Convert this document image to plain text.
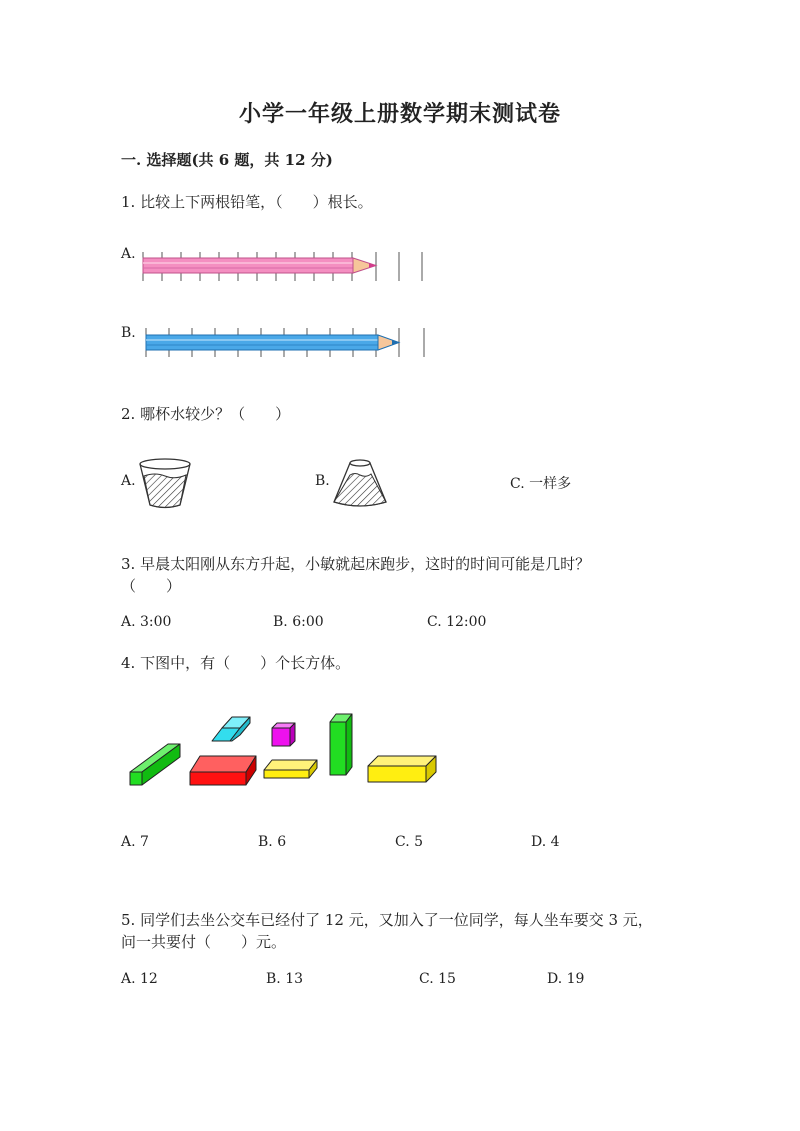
小学一年级上册数学期末测试卷
一. 选择题(共 6 题，共 12 分)
1. 比较上下两根铅笔，（　　）根长。
A.
B.
2. 哪杯水较少？（　　）
A.	B.	C. 一样多
3. 早晨太阳刚从东方升起，小敏就起床跑步，这时的时间可能是几时？
（　　）
A. 3:00	B. 6:00	C. 12:00
4. 下图中，有（　　）个长方体。
A. 7	B. 6	C. 5	D. 4
5. 同学们去坐公交车已经付了 12 元，又加入了一位同学，每人坐车要交 3 元，
问一共要付（　　）元。
A. 12	B. 13	C. 15	D. 19
